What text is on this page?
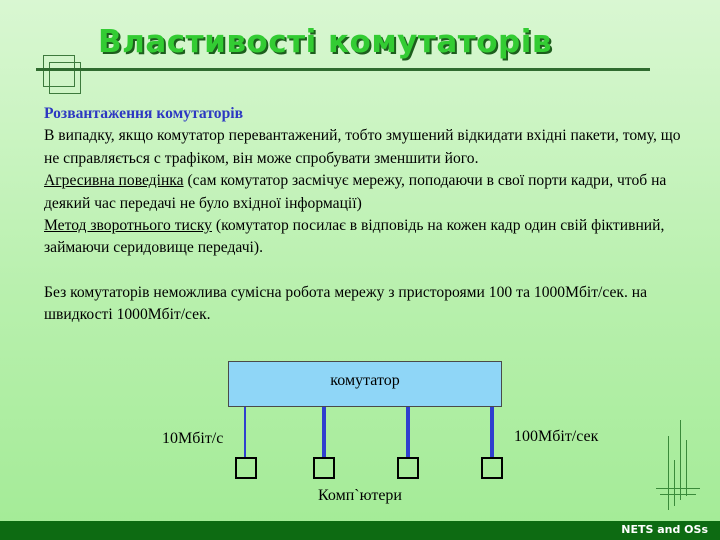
Властивості комутаторів

Розвантаження комутаторів

В випадку, якщо комутатор перевантажений, тобто змушений відкидати вхідні пакети, тому, що не справляється с трафіком, він може спробувати зменшити його.

Агресивна поведінка (сам комутатор засмічує мережу, поподаючи в свої порти кадри, чтоб на деякий час передачі не було вхідної інформації)

Метод зворотнього тиску (комутатор посилає в відповідь на кожен кадр один свій фіктивний, займаючи серидовище передачі).

Без комутаторів неможлива сумісна робота мережу з пристороями 100 та 1000Мбіт/сек. на швидкості 1000Мбіт/сек.

комутатор
10Мбіт/с	100Мбіт/сек
Комп`ютери
NETS and OSs
